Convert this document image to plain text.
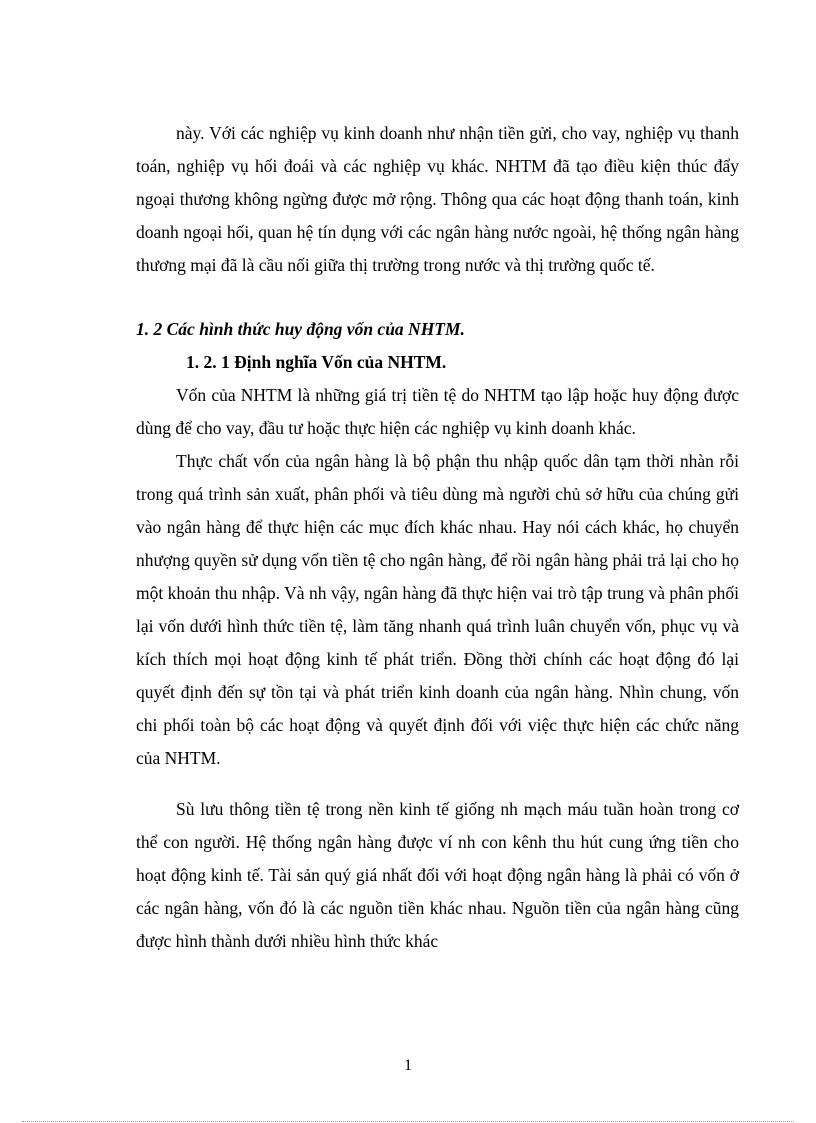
này. Với các nghiệp vụ kinh doanh như nhận tiền gửi, cho vay, nghiệp vụ thanh toán, nghiệp vụ hối đoái và các nghiệp vụ khác. NHTM đã tạo điều kiện thúc đẩy ngoại thương không ngừng được mở rộng. Thông qua các hoạt động thanh toán, kinh doanh ngoại hối, quan hệ tín dụng với các ngân hàng nước ngoài, hệ thống ngân hàng thương mại đã là cầu nối giữa thị trường trong nước và thị trường quốc tế.

1. 2 Các hình thức huy động vốn của NHTM.

1. 2. 1 Định nghĩa Vốn của NHTM.

Vốn của NHTM là những giá trị tiền tệ do NHTM tạo lập hoặc huy động được dùng để cho vay, đầu tư hoặc thực hiện các nghiệp vụ kinh doanh khác.

Thực chất vốn của ngân hàng là bộ phận thu nhập quốc dân tạm thời nhàn rỗi trong quá trình sản xuất, phân phối và tiêu dùng mà người chủ sở hữu của chúng gửi vào ngân hàng để thực hiện các mục đích khác nhau. Hay nói cách khác, họ chuyển nhượng quyền sử dụng vốn tiền tệ cho ngân hàng, để rồi ngân hàng phải trả lại cho họ một khoản thu nhập. Và nh vậy, ngân hàng đã thực hiện vai trò tập trung và phân phối lại vốn dưới hình thức tiền tệ, làm tăng nhanh quá trình luân chuyển vốn, phục vụ và kích thích mọi hoạt động kinh tế phát triển. Đồng thời chính các hoạt động đó lại quyết định đến sự tồn tại và phát triển kinh doanh của ngân hàng. Nhìn chung, vốn chi phối toàn bộ các hoạt động và quyết định đối với việc thực hiện các chức năng của NHTM.

Sù lưu thông tiền tệ trong nền kinh tế giống nh mạch máu tuần hoàn trong cơ thể con người. Hệ thống ngân hàng được ví nh con kênh thu hút cung ứng tiền cho hoạt động kinh tế. Tài sản quý giá nhất đối với hoạt động ngân hàng là phải có vốn ở các ngân hàng, vốn đó là các nguồn tiền khác nhau. Nguồn tiền của ngân hàng cũng được hình thành dưới nhiều hình thức khác

1
